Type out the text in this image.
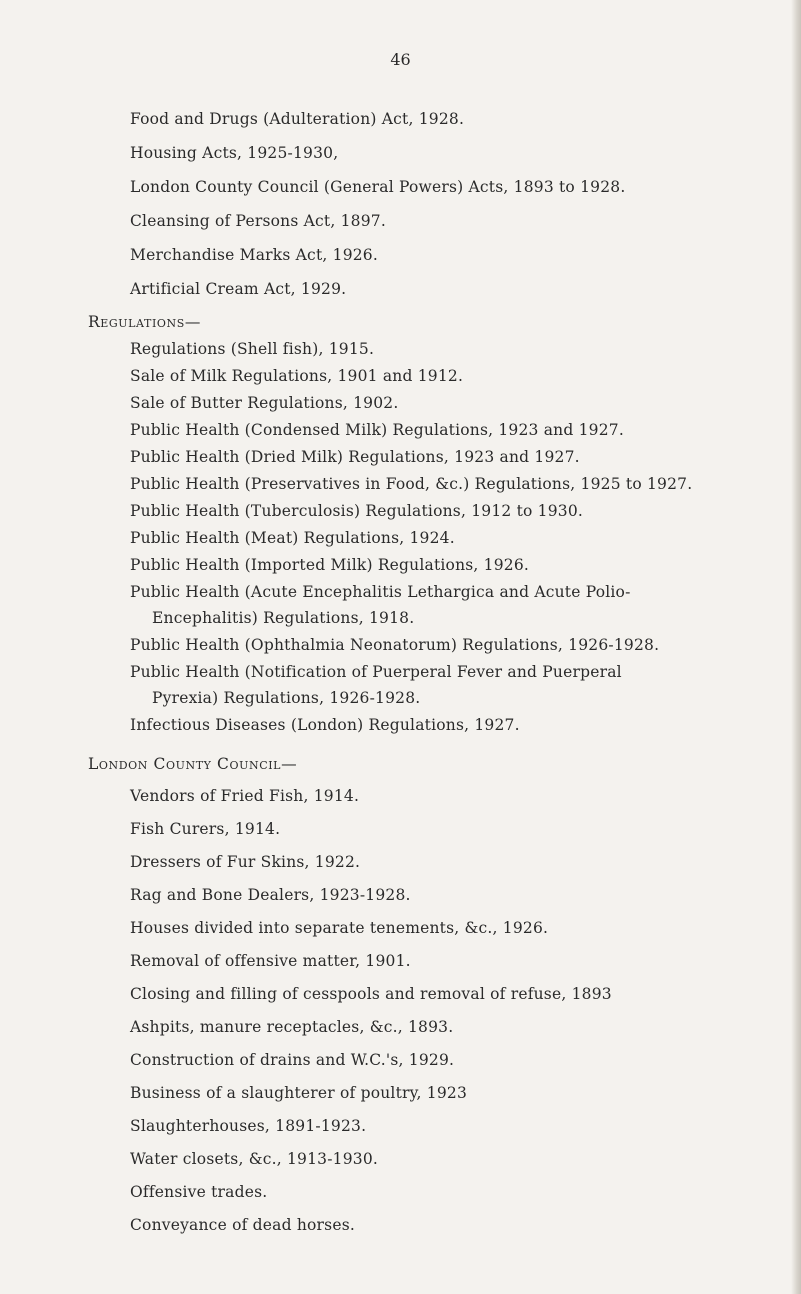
46
Food and Drugs (Adulteration) Act, 1928.
Housing Acts, 1925-1930,
London County Council (General Powers) Acts, 1893 to 1928.
Cleansing of Persons Act, 1897.
Merchandise Marks Act, 1926.
Artificial Cream Act, 1929.
Regulations—
Regulations (Shell fish), 1915.
Sale of Milk Regulations, 1901 and 1912.
Sale of Butter Regulations, 1902.
Public Health (Condensed Milk) Regulations, 1923 and 1927.
Public Health (Dried Milk) Regulations, 1923 and 1927.
Public Health (Preservatives in Food, &c.) Regulations, 1925 to 1927.
Public Health (Tuberculosis) Regulations, 1912 to 1930.
Public Health (Meat) Regulations, 1924.
Public Health (Imported Milk) Regulations, 1926.
Public Health (Acute Encephalitis Lethargica and Acute Polio-
Encephalitis) Regulations, 1918.
Public Health (Ophthalmia Neonatorum) Regulations, 1926-1928.
Public Health (Notification of Puerperal Fever and Puerperal
Pyrexia) Regulations, 1926-1928.
Infectious Diseases (London) Regulations, 1927.
London County Council—
Vendors of Fried Fish, 1914.
Fish Curers, 1914.
Dressers of Fur Skins, 1922.
Rag and Bone Dealers, 1923-1928.
Houses divided into separate tenements, &c., 1926.
Removal of offensive matter, 1901.
Closing and filling of cesspools and removal of refuse, 1893
Ashpits, manure receptacles, &c., 1893.
Construction of drains and W.C.'s, 1929.
Business of a slaughterer of poultry, 1923
Slaughterhouses, 1891-1923.
Water closets, &c., 1913-1930.
Offensive trades.
Conveyance of dead horses.
